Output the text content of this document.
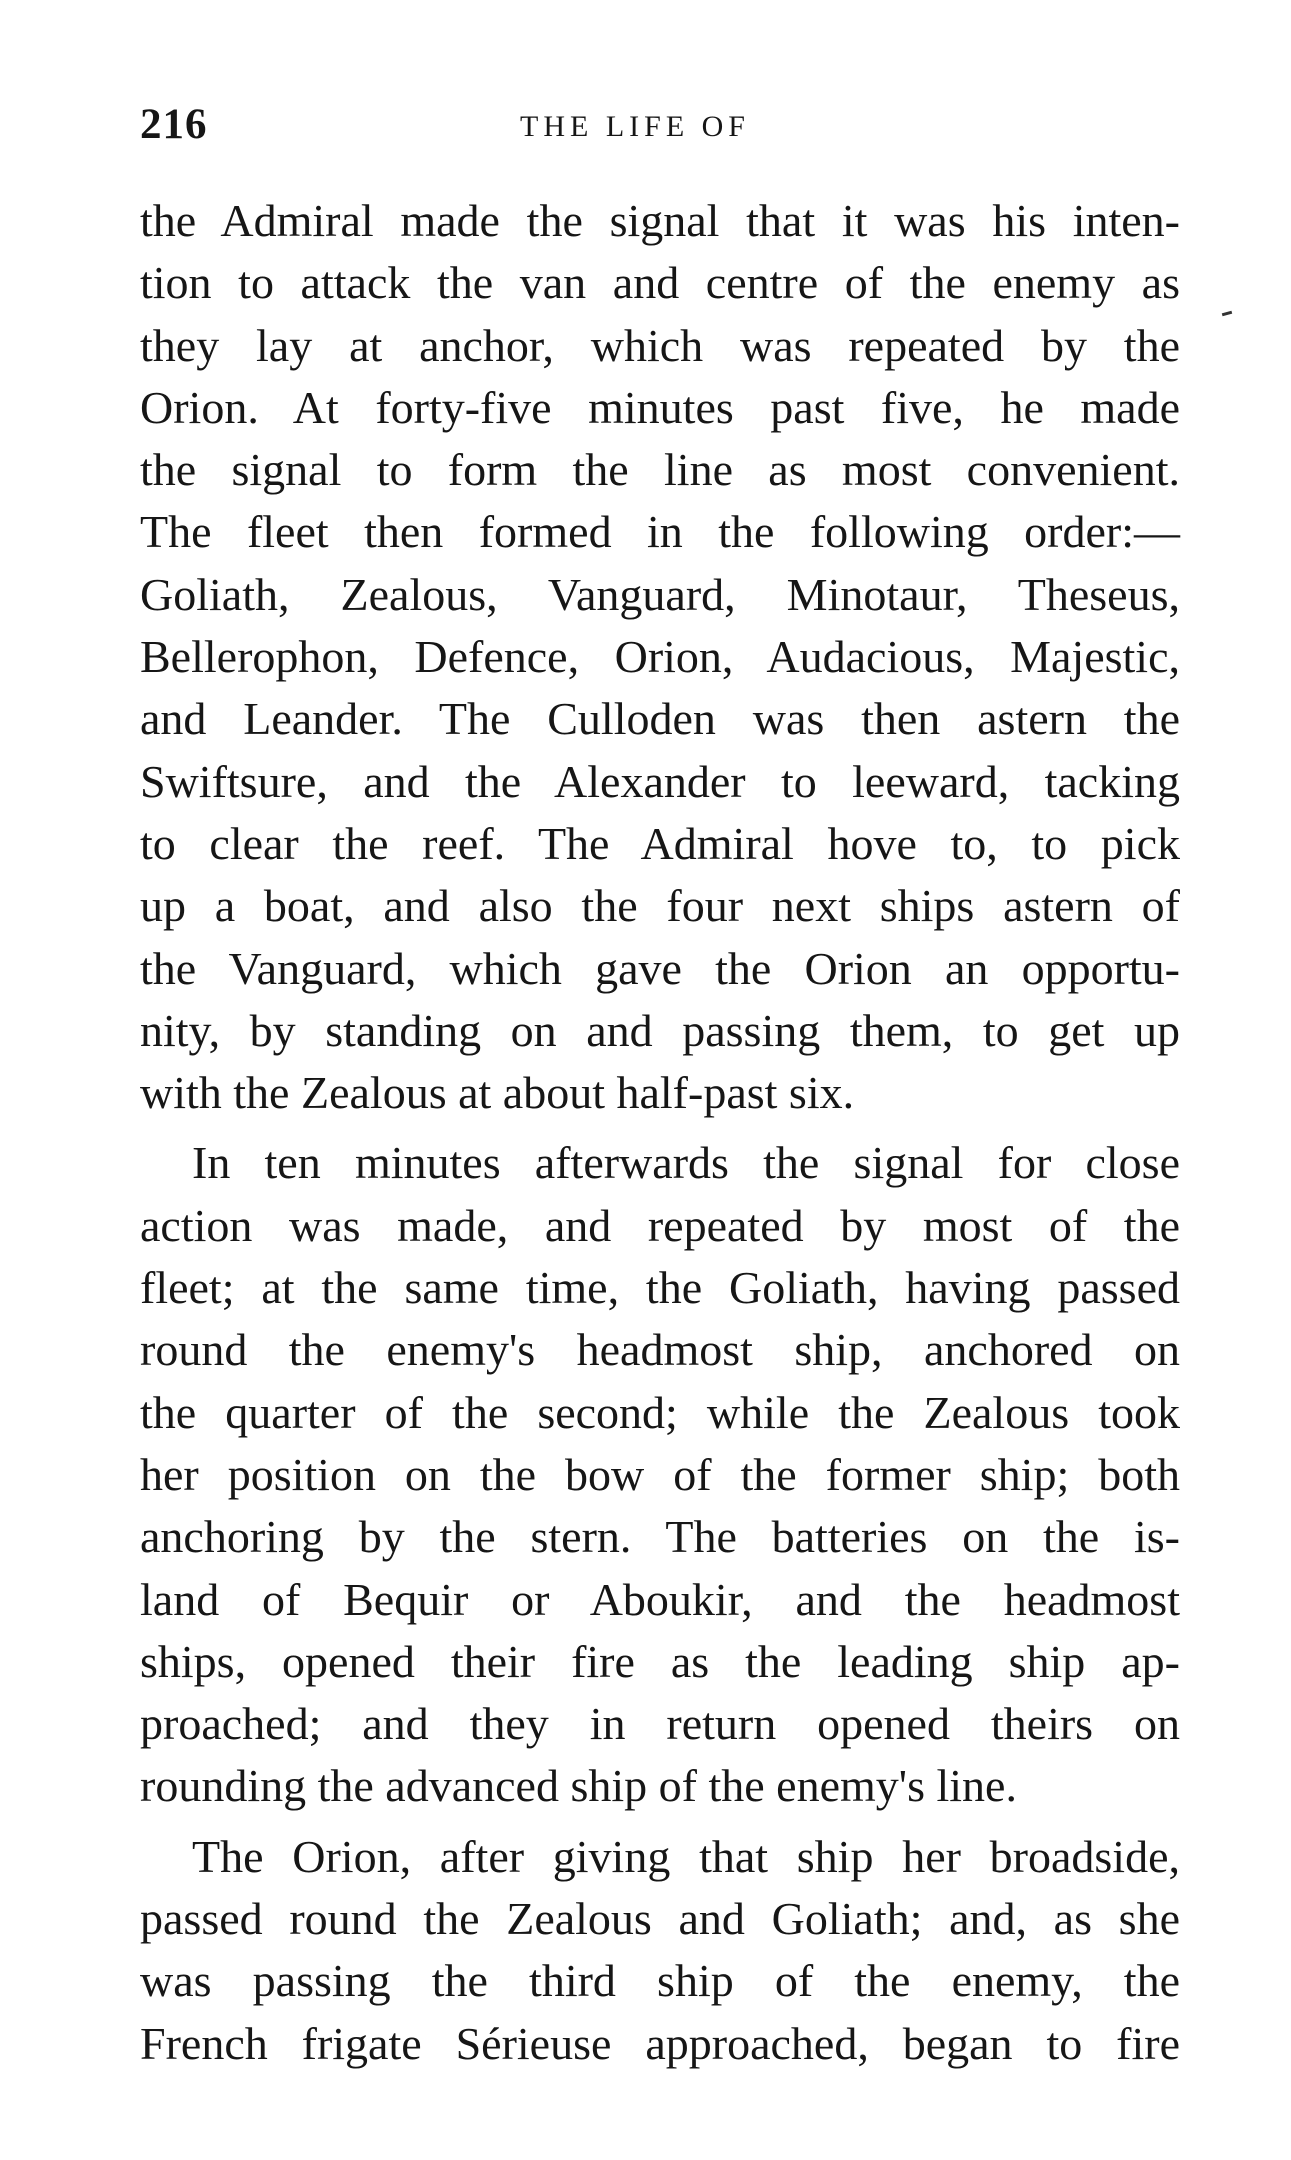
216	THE LIFE OF
the Admiral made the signal that it was his inten-
tion to attack the van and centre of the enemy as
they lay at anchor, which was repeated by the
Orion. At forty-five minutes past five, he made
the signal to form the line as most convenient.
The fleet then formed in the following order:—
Goliath, Zealous, Vanguard, Minotaur, Theseus,
Bellerophon, Defence, Orion, Audacious, Majestic,
and Leander. The Culloden was then astern the
Swiftsure, and the Alexander to leeward, tacking
to clear the reef. The Admiral hove to, to pick
up a boat, and also the four next ships astern of
the Vanguard, which gave the Orion an opportu-
nity, by standing on and passing them, to get up
with the Zealous at about half-past six.
In ten minutes afterwards the signal for close
action was made, and repeated by most of the
fleet; at the same time, the Goliath, having passed
round the enemy's headmost ship, anchored on
the quarter of the second; while the Zealous took
her position on the bow of the former ship; both
anchoring by the stern. The batteries on the is-
land of Bequir or Aboukir, and the headmost
ships, opened their fire as the leading ship ap-
proached; and they in return opened theirs on
rounding the advanced ship of the enemy's line.
The Orion, after giving that ship her broadside,
passed round the Zealous and Goliath; and, as she
was passing the third ship of the enemy, the
French frigate Sérieuse approached, began to fire
